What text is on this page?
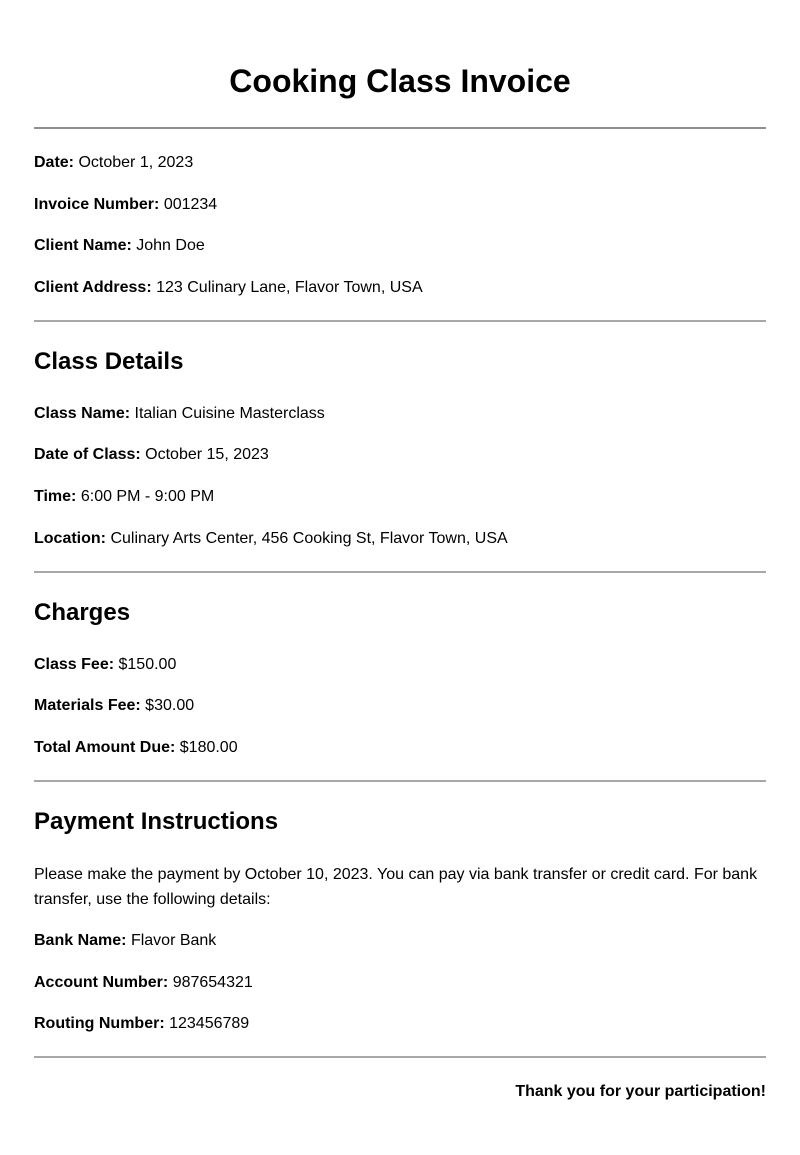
Cooking Class Invoice

Date: October 1, 2023

Invoice Number: 001234

Client Name: John Doe

Client Address: 123 Culinary Lane, Flavor Town, USA

Class Details

Class Name: Italian Cuisine Masterclass

Date of Class: October 15, 2023

Time: 6:00 PM - 9:00 PM

Location: Culinary Arts Center, 456 Cooking St, Flavor Town, USA

Charges

Class Fee: $150.00

Materials Fee: $30.00

Total Amount Due: $180.00

Payment Instructions

Please make the payment by October 10, 2023. You can pay via bank transfer or credit card. For bank transfer, use the following details:

Bank Name: Flavor Bank

Account Number: 987654321

Routing Number: 123456789

Thank you for your participation!
